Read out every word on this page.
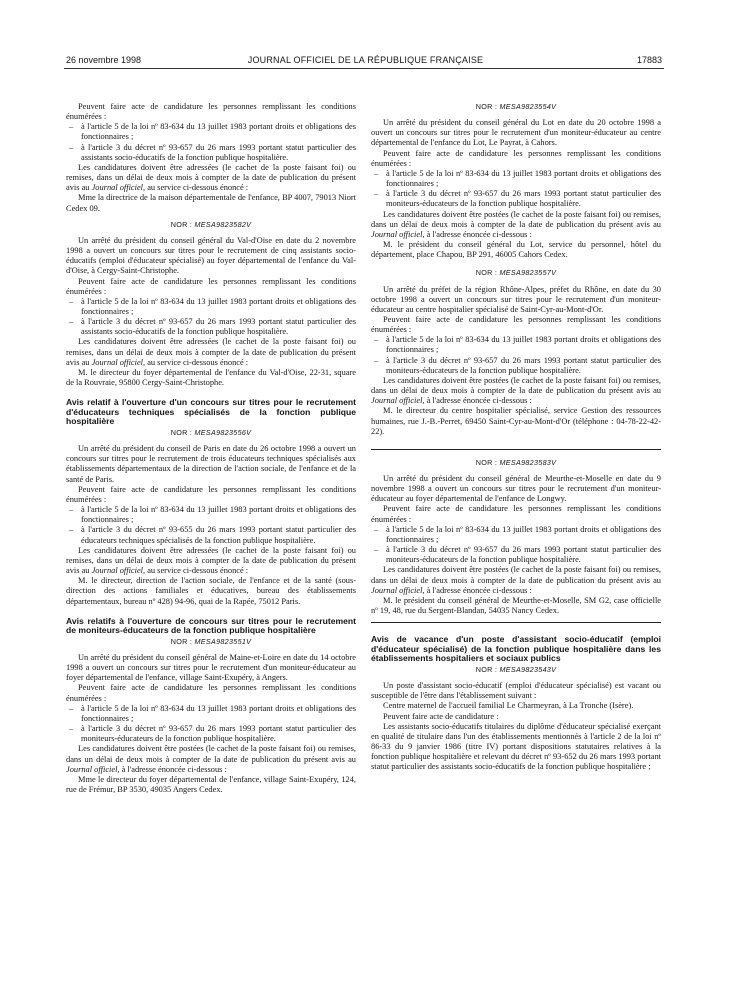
26 novembre 1998	JOURNAL OFFICIEL DE LA RÉPUBLIQUE FRANÇAISE	17883

Peuvent faire acte de candidature les personnes remplissant les conditions énumérées :

– à l'article 5 de la loi nº 83-634 du 13 juillet 1983 portant droits et obligations des fonctionnaires ;
– à l'article 3 du décret nº 93-657 du 26 mars 1993 portant statut particulier des assistants socio-éducatifs de la fonction publique hospitalière.

Les candidatures doivent être adressées (le cachet de la poste faisant foi) ou remises, dans un délai de deux mois à compter de la date de publication du présent avis au Journal officiel, au service ci-dessous énoncé :

Mme la directrice de la maison départementale de l'enfance, BP 4007, 79013 Niort Cedex 09.

NOR : MESA9823582V

Un arrêté du président du conseil général du Val-d'Oise en date du 2 novembre 1998 a ouvert un concours sur titres pour le recrutement de cinq assistants socio-éducatifs (emploi d'éducateur spécialisé) au foyer départemental de l'enfance du Val-d'Oise, à Cergy-Saint-Christophe.

Peuvent faire acte de candidature les personnes remplissant les conditions énumérées :

– à l'article 5 de la loi nº 83-634 du 13 juillet 1983 portant droits et obligations des fonctionnaires ;
– à l'article 3 du décret nº 93-657 du 26 mars 1993 portant statut particulier des assistants socio-éducatifs de la fonction publique hospitalière.

Les candidatures doivent être adressées (le cachet de la poste faisant foi) ou remises, dans un délai de deux mois à compter de la date de publication du présent avis au Journal officiel, au service ci-dessous énoncé :

M. le directeur du foyer départemental de l'enfance du Val-d'Oise, 22-31, square de la Rouvraie, 95800 Cergy-Saint-Christophe.

Avis relatif à l'ouverture d'un concours sur titres pour le recrutement d'éducateurs techniques spécialisés de la fonction publique hospitalière
NOR : MESA9823556V

Un arrêté du président du conseil de Paris en date du 26 octobre 1998 a ouvert un concours sur titres pour le recrutement de trois éducateurs techniques spécialisés aux établissements départementaux de la direction de l'action sociale, de l'enfance et de la santé de Paris.

Peuvent faire acte de candidature les personnes remplissant les conditions énumérées :

– à l'article 5 de la loi nº 83-634 du 13 juillet 1983 portant droits et obligations des fonctionnaires ;
– à l'article 3 du décret nº 93-655 du 26 mars 1993 portant statut particulier des éducateurs techniques spécialisés de la fonction publique hospitalière.

Les candidatures doivent être adressées (le cachet de la poste faisant foi) ou remises, dans un délai de deux mois à compter de la date de publication du présent avis au Journal officiel, au service ci-dessous énoncé :

M. le directeur, direction de l'action sociale, de l'enfance et de la santé (sous-direction des actions familiales et éducatives, bureau des établissements départementaux, bureau nº 428) 94-96, quai de la Rapée, 75012 Paris.

Avis relatifs à l'ouverture de concours sur titres pour le recrutement de moniteurs-éducateurs de la fonction publique hospitalière
NOR : MESA9823551V

Un arrêté du président du conseil général de Maine-et-Loire en date du 14 octobre 1998 a ouvert un concours sur titres pour le recrutement d'un moniteur-éducateur au foyer départemental de l'enfance, village Saint-Exupéry, à Angers.

Peuvent faire acte de candidature les personnes remplissant les conditions énumérées :

– à l'article 5 de la loi nº 83-634 du 13 juillet 1983 portant droits et obligations des fonctionnaires ;
– à l'article 3 du décret nº 93-657 du 26 mars 1993 portant statut particulier des moniteurs-éducateurs de la fonction publique hospitalière.

Les candidatures doivent être postées (le cachet de la poste faisant foi) ou remises, dans un délai de deux mois à compter de la date de publication du présent avis au Journal officiel, à l'adresse énoncée ci-dessous :

Mme le directeur du foyer départemental de l'enfance, village Saint-Exupéry, 124, rue de Frémur, BP 3530, 49035 Angers Cedex.

NOR : MESA9823554V

Un arrêté du président du conseil général du Lot en date du 20 octobre 1998 a ouvert un concours sur titres pour le recrutement d'un moniteur-éducateur au centre départemental de l'enfance du Lot, Le Payrat, à Cahors.

Peuvent faire acte de candidature les personnes remplissant les conditions énumérées :

– à l'article 5 de la loi nº 83-634 du 13 juillet 1983 portant droits et obligations des fonctionnaires ;
– à l'article 3 du décret nº 93-657 du 26 mars 1993 portant statut particulier des moniteurs-éducateurs de la fonction publique hospitalière.

Les candidatures doivent être postées (le cachet de la poste faisant foi) ou remises, dans un délai de deux mois à compter de la date de publication du présent avis au Journal officiel, à l'adresse énoncée ci-dessous :

M. le président du conseil général du Lot, service du personnel, hôtel du département, place Chapou, BP 291, 46005 Cahors Cedex.

NOR : MESA9823557V

Un arrêté du préfet de la région Rhône-Alpes, préfet du Rhône, en date du 30 octobre 1998 a ouvert un concours sur titres pour le recrutement d'un moniteur-éducateur au centre hospitalier spécialisé de Saint-Cyr-au-Mont-d'Or.

Peuvent faire acte de candidature les personnes remplissant les conditions énumérées :

– à l'article 5 de la loi nº 83-634 du 13 juillet 1983 portant droits et obligations des fonctionnaires ;
– à l'article 3 du décret nº 93-657 du 26 mars 1993 portant statut particulier des moniteurs-éducateurs de la fonction publique hospitalière.

Les candidatures doivent être postées (le cachet de la poste faisant foi) ou remises, dans un délai de deux mois à compter de la date de publication du présent avis au Journal officiel, à l'adresse énoncée ci-dessous :

M. le directeur du centre hospitalier spécialisé, service Gestion des ressources humaines, rue J.-B.-Perret, 69450 Saint-Cyr-au-Mont-d'Or (téléphone : 04-78-22-42-22).

NOR : MESA9823583V

Un arrêté du président du conseil général de Meurthe-et-Moselle en date du 9 novembre 1998 a ouvert un concours sur titres pour le recrutement d'un moniteur-éducateur au foyer départemental de l'enfance de Longwy.

Peuvent faire acte de candidature les personnes remplissant les conditions énumérées :

– à l'article 5 de la loi nº 83-634 du 13 juillet 1983 portant droits et obligations des fonctionnaires ;
– à l'article 3 du décret nº 93-657 du 26 mars 1993 portant statut particulier des moniteurs-éducateurs de la fonction publique hospitalière.

Les candidatures doivent être postées (le cachet de la poste faisant foi) ou remises, dans un délai de deux mois à compter de la date de publication du présent avis au Journal officiel, à l'adresse énoncée ci-dessous :

M. le président du conseil général de Meurthe-et-Moselle, SM G2, case officielle nº 19, 48, rue du Sergent-Blandan, 54035 Nancy Cedex.

Avis de vacance d'un poste d'assistant socio-éducatif (emploi d'éducateur spécialisé) de la fonction publique hospitalière dans les établissements hospitaliers et sociaux publics
NOR : MESA9823543V

Un poste d'assistant socio-éducatif (emploi d'éducateur spécialisé) est vacant ou susceptible de l'être dans l'établissement suivant :

Centre maternel de l'accueil familial Le Charmeyran, à La Tronche (Isère).

Peuvent faire acte de candidature :

Les assistants socio-éducatifs titulaires du diplôme d'éducateur spécialisé exerçant en qualité de titulaire dans l'un des établissements mentionnés à l'article 2 de la loi nº 86-33 du 9 janvier 1986 (titre IV) portant dispositions statutaires relatives à la fonction publique hospitalière et relevant du décret nº 93-652 du 26 mars 1993 portant statut particulier des assistants socio-éducatifs de la fonction publique hospitalière ;
